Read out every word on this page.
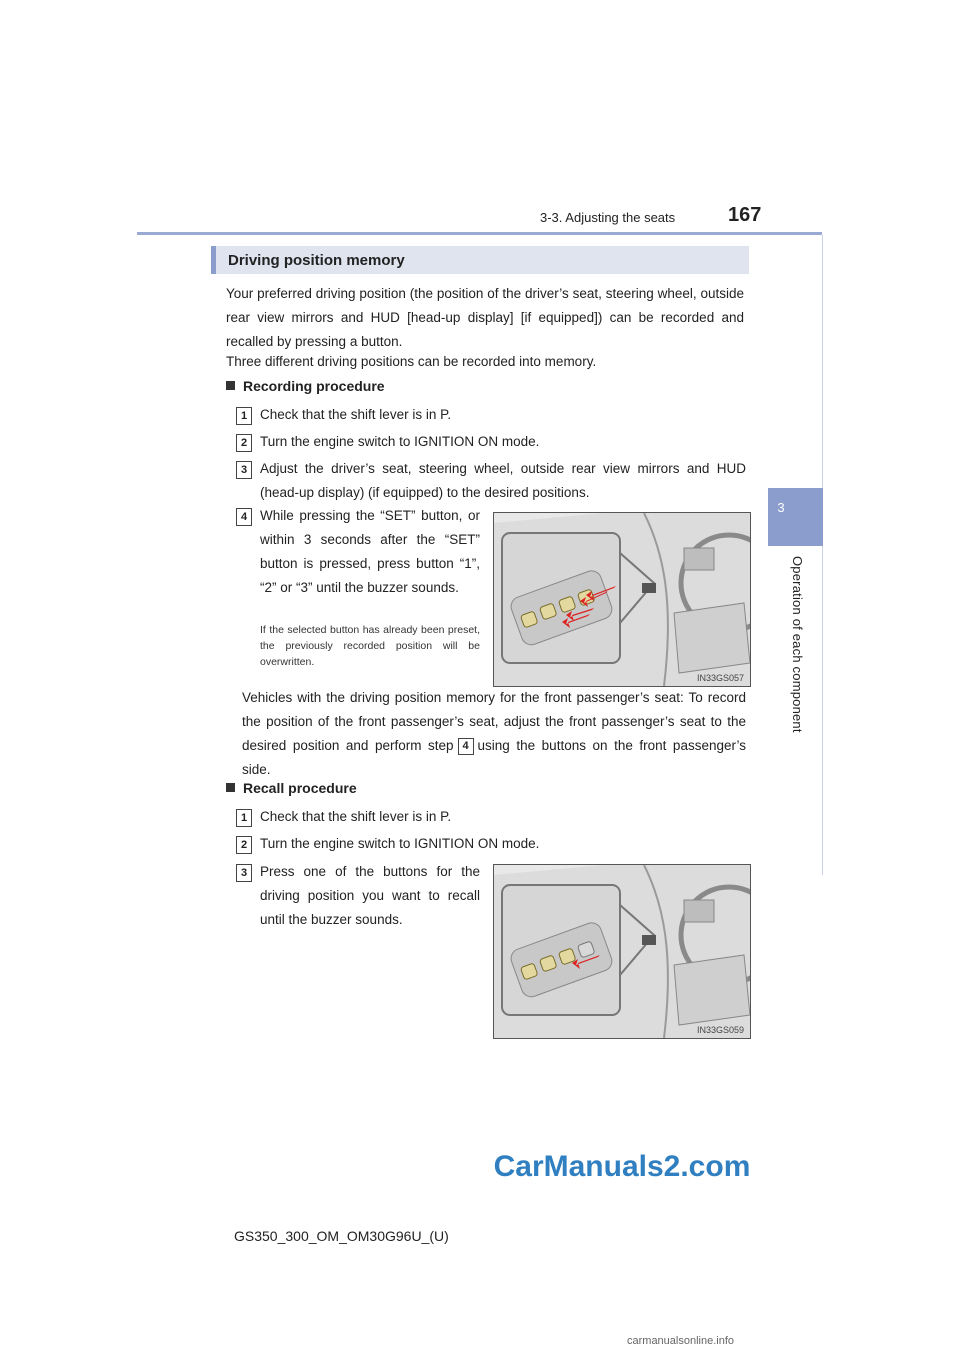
3-3. Adjusting the seats	167
3
Operation of each component
Driving position memory
Your preferred driving position (the position of the driver’s seat, steering wheel, outside rear view mirrors and HUD [head-up display] [if equipped]) can be recorded and recalled by pressing a button.
Three different driving positions can be recorded into memory.
Recording procedure
1 Check that the shift lever is in P.
2 Turn the engine switch to IGNITION ON mode.
3 Adjust the driver’s seat, steering wheel, outside rear view mirrors and HUD (head-up display) (if equipped) to the desired positions.
4 While pressing the “SET” button, or within 3 seconds after the “SET” button is pressed, press button “1”, “2” or “3” until the buzzer sounds.
If the selected button has already been preset, the previously recorded position will be overwritten.
IN33GS057
Vehicles with the driving position memory for the front passenger’s seat: To record the position of the front passenger’s seat, adjust the front passenger’s seat to the desired position and perform step 4 using the buttons on the front passenger’s side.
Recall procedure
1 Check that the shift lever is in P.
2 Turn the engine switch to IGNITION ON mode.
3 Press one of the buttons for the driving position you want to recall until the buzzer sounds.
IN33GS059
CarManuals2.com
GS350_300_OM_OM30G96U_(U)
carmanualsonline.info
